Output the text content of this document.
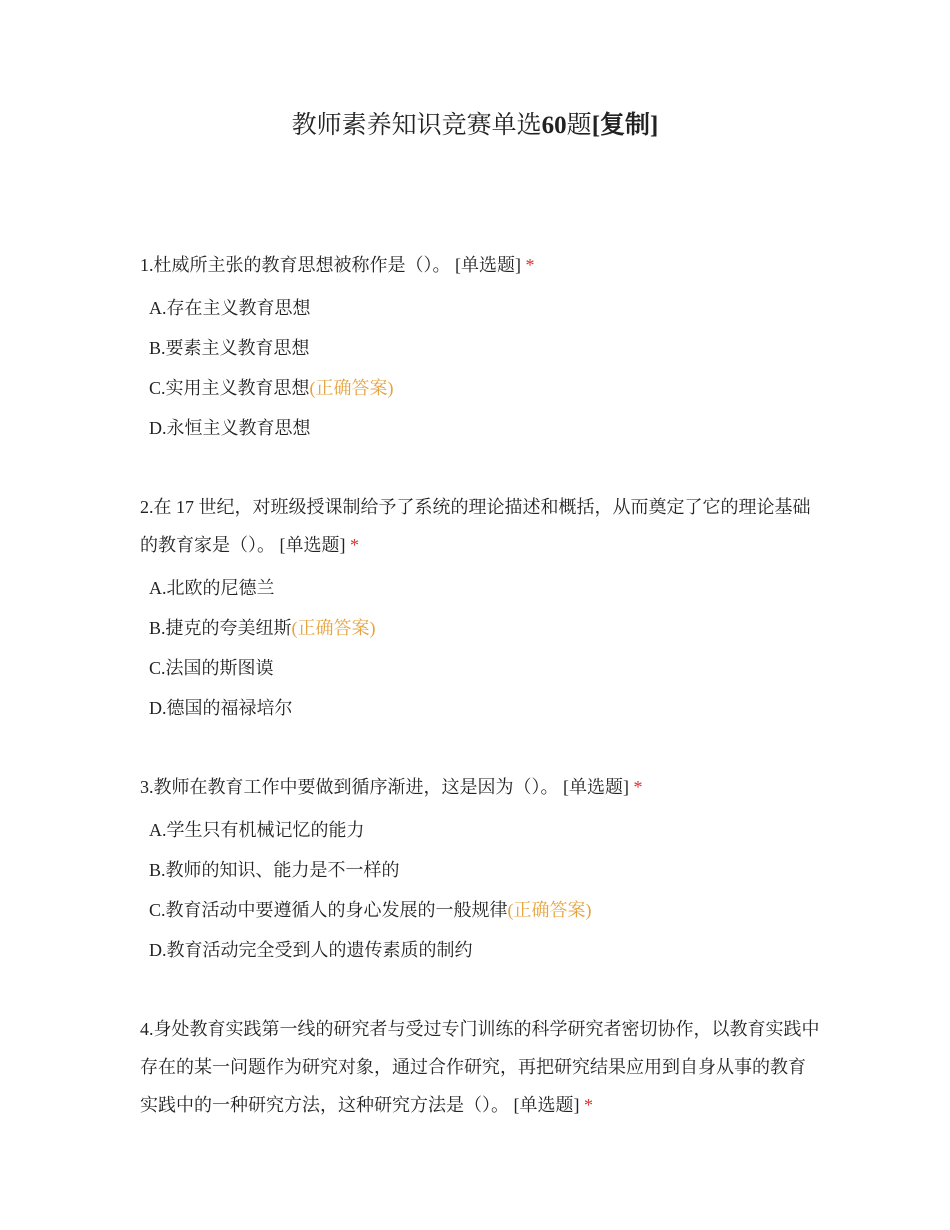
教师素养知识竞赛单选60题[复制]
1.杜威所主张的教育思想被称作是（）。 [单选题] *
A.存在主义教育思想
B.要素主义教育思想
C.实用主义教育思想(正确答案)
D.永恒主义教育思想
2.在 17 世纪，对班级授课制给予了系统的理论描述和概括，从而奠定了它的理论基础的教育家是（）。 [单选题] *
A.北欧的尼德兰
B.捷克的夸美纽斯(正确答案)
C.法国的斯图谟
D.德国的福禄培尔
3.教师在教育工作中要做到循序渐进，这是因为（）。 [单选题] *
A.学生只有机械记忆的能力
B.教师的知识、能力是不一样的
C.教育活动中要遵循人的身心发展的一般规律(正确答案)
D.教育活动完全受到人的遗传素质的制约
4.身处教育实践第一线的研究者与受过专门训练的科学研究者密切协作，以教育实践中存在的某一问题作为研究对象，通过合作研究，再把研究结果应用到自身从事的教育实践中的一种研究方法，这种研究方法是（）。 [单选题] *
